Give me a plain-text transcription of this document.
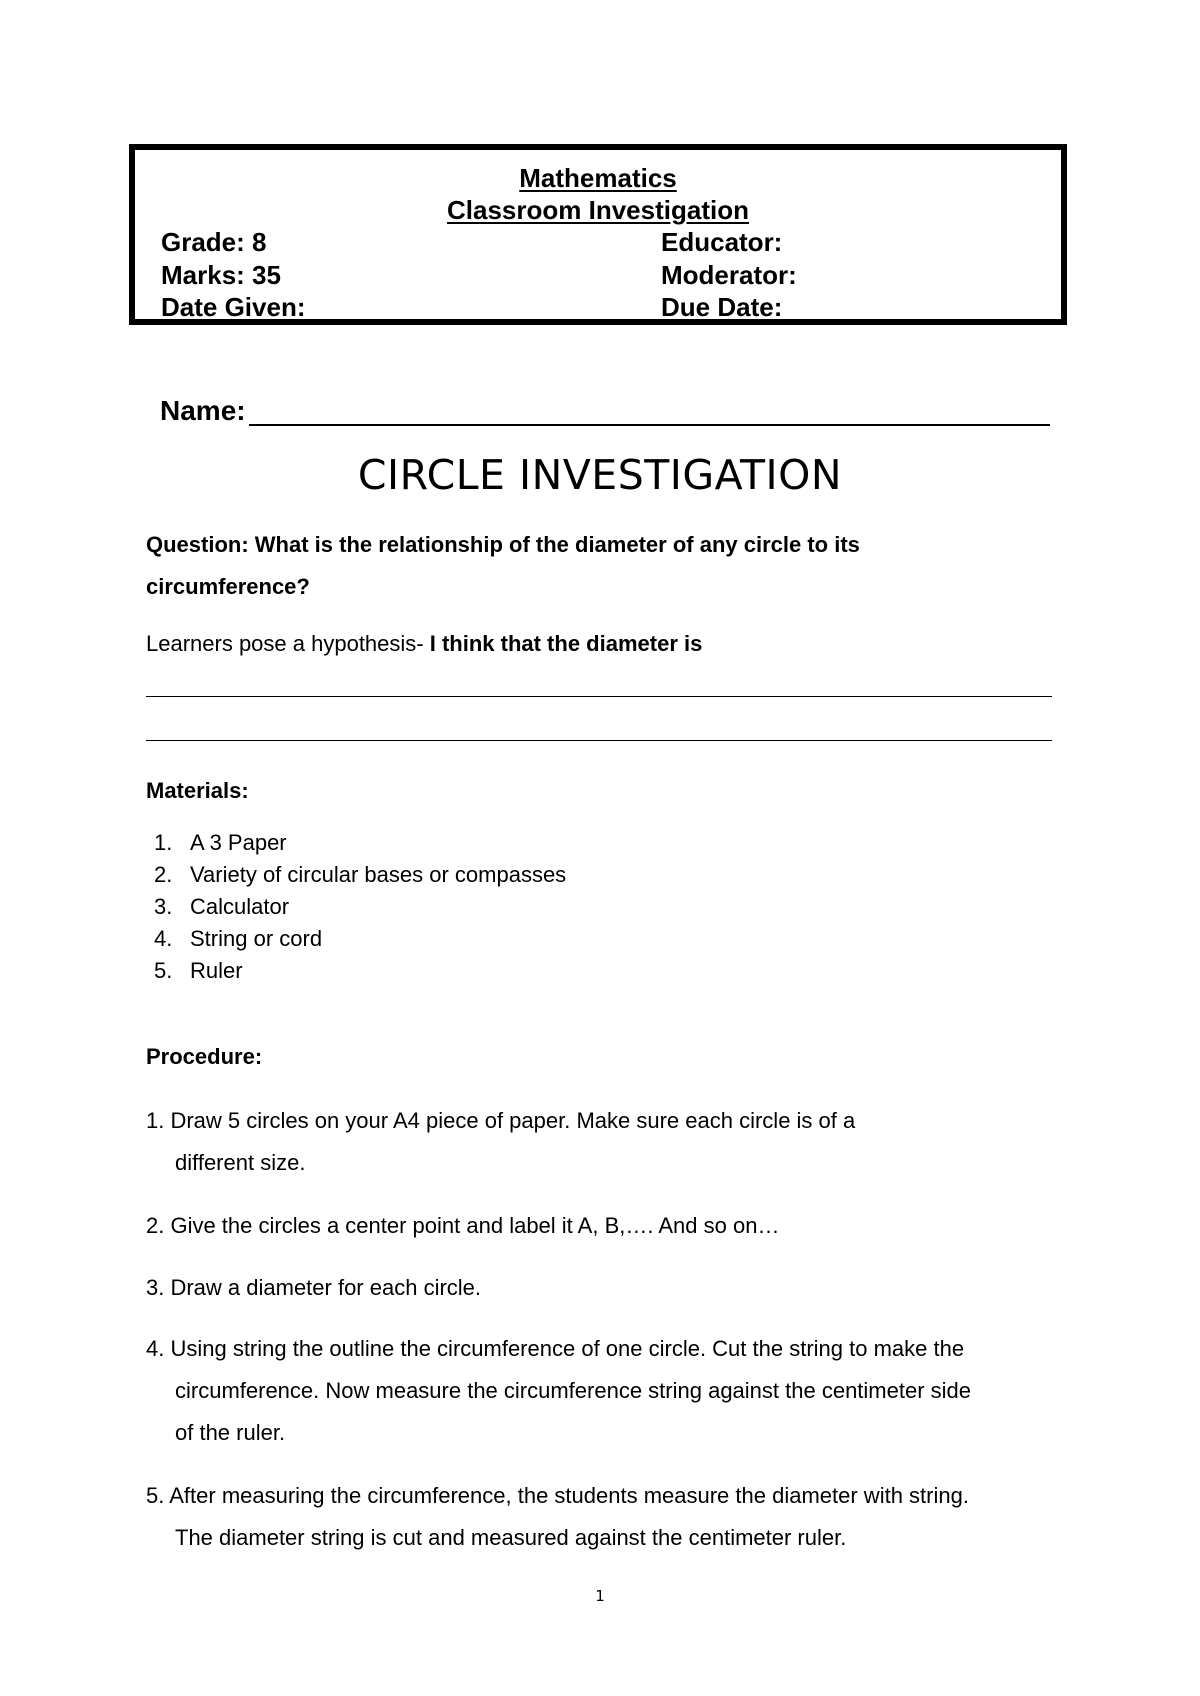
Mathematics
Classroom Investigation
Grade: 8
Marks: 35
Date Given:
Educator:
Moderator:
Due Date:
Name:
CIRCLE INVESTIGATION
Question: What is the relationship of the diameter of any circle to its
circumference?
Learners pose a hypothesis- I think that the diameter is
Materials:
1. A 3 Paper
2. Variety of circular bases or compasses
3. Calculator
4. String or cord
5. Ruler
Procedure:
1. Draw 5 circles on your A4 piece of paper. Make sure each circle is of a
different size.
2. Give the circles a center point and label it A, B,…. And so on…
3. Draw a diameter for each circle.
4. Using string the outline the circumference of one circle. Cut the string to make the
circumference. Now measure the circumference string against the centimeter side
of the ruler.
5. After measuring the circumference, the students measure the diameter with string.
The diameter string is cut and measured against the centimeter ruler.
1
